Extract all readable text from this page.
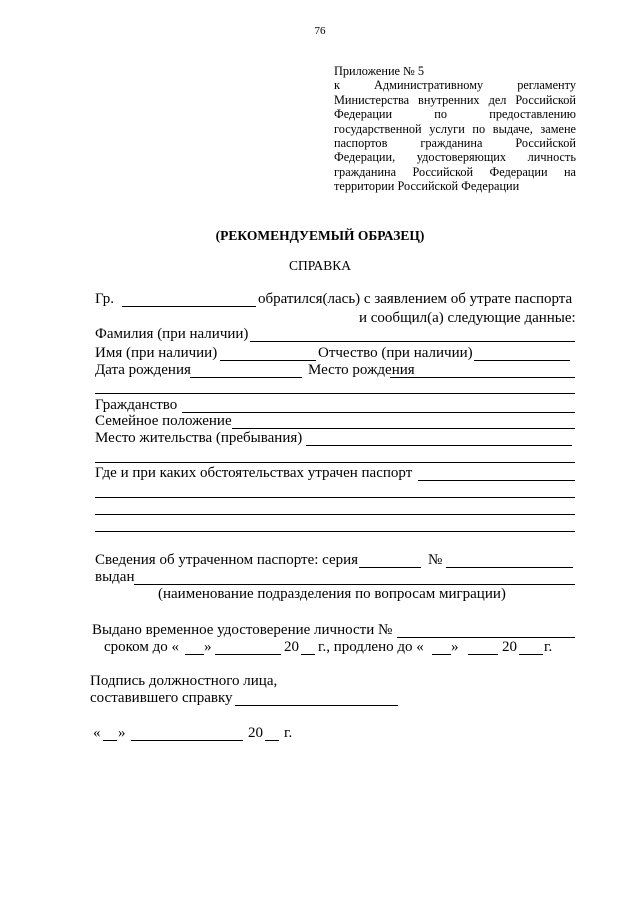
76
Приложение № 5
к Административному регламенту
Министерства внутренних дел Российской
Федерации по предоставлению
государственной услуги по выдаче, замене
паспортов гражданина Российской
Федерации, удостоверяющих личность
гражданина Российской Федерации на
территории Российской Федерации
(РЕКОМЕНДУЕМЫЙ ОБРАЗЕЦ)
СПРАВКА
Гр.	обратился(лась) с заявлением об утрате паспорта
и сообщил(а) следующие данные:
Фамилия (при наличии)
Имя (при наличии)	Отчество (при наличии)
Дата рождения	Место рождения
Гражданство
Семейное положение
Место жительства (пребывания)
Где и при каких обстоятельствах утрачен паспорт
Сведения об утраченном паспорте: серия	№
выдан
(наименование подразделения по вопросам миграции)
Выдано временное удостоверение личности №
сроком до « »	20 г., продлено до « »	20 г.
Подпись должностного лица,
составившего справку
« »	20 г.
